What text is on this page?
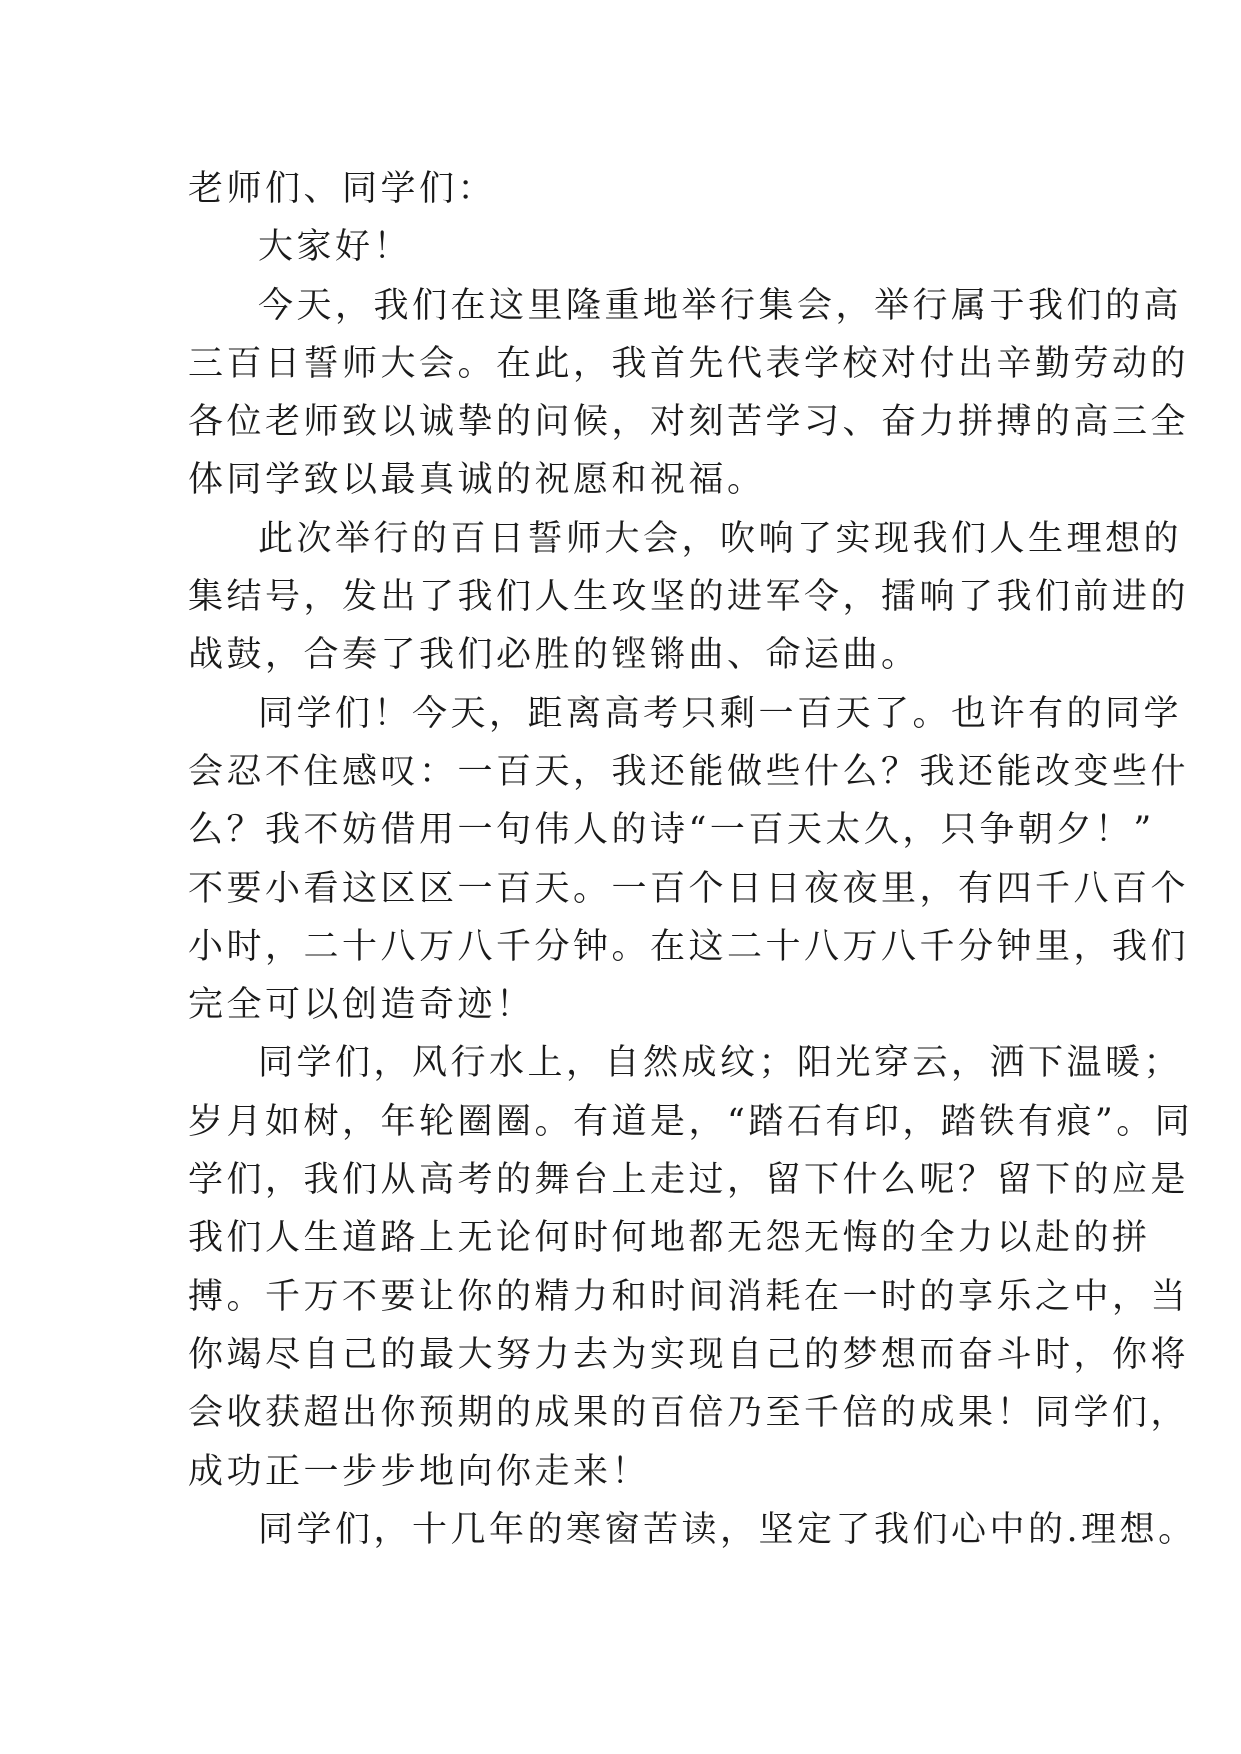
老师们、同学们：
大家好！
今天，我们在这里隆重地举行集会，举行属于我们的高
三百日誓师大会。在此，我首先代表学校对付出辛勤劳动的
各位老师致以诚挚的问候，对刻苦学习、奋力拼搏的高三全
体同学致以最真诚的祝愿和祝福。
此次举行的百日誓师大会，吹响了实现我们人生理想的
集结号，发出了我们人生攻坚的进军令，擂响了我们前进的
战鼓，合奏了我们必胜的铿锵曲、命运曲。
同学们！今天，距离高考只剩一百天了。也许有的同学
会忍不住感叹：一百天，我还能做些什么？我还能改变些什
么？我不妨借用一句伟人的诗“一百天太久，只争朝夕！”
不要小看这区区一百天。一百个日日夜夜里，有四千八百个
小时，二十八万八千分钟。在这二十八万八千分钟里，我们
完全可以创造奇迹！
同学们，风行水上，自然成纹；阳光穿云，洒下温暖；
岁月如树，年轮圈圈。有道是，“踏石有印，踏铁有痕”。同
学们，我们从高考的舞台上走过，留下什么呢？留下的应是
我们人生道路上无论何时何地都无怨无悔的全力以赴的拼
搏。千万不要让你的精力和时间消耗在一时的享乐之中，当
你竭尽自己的最大努力去为实现自己的梦想而奋斗时，你将
会收获超出你预期的成果的百倍乃至千倍的成果！同学们，
成功正一步步地向你走来！
同学们，十几年的寒窗苦读，坚定了我们心中的.理想。
